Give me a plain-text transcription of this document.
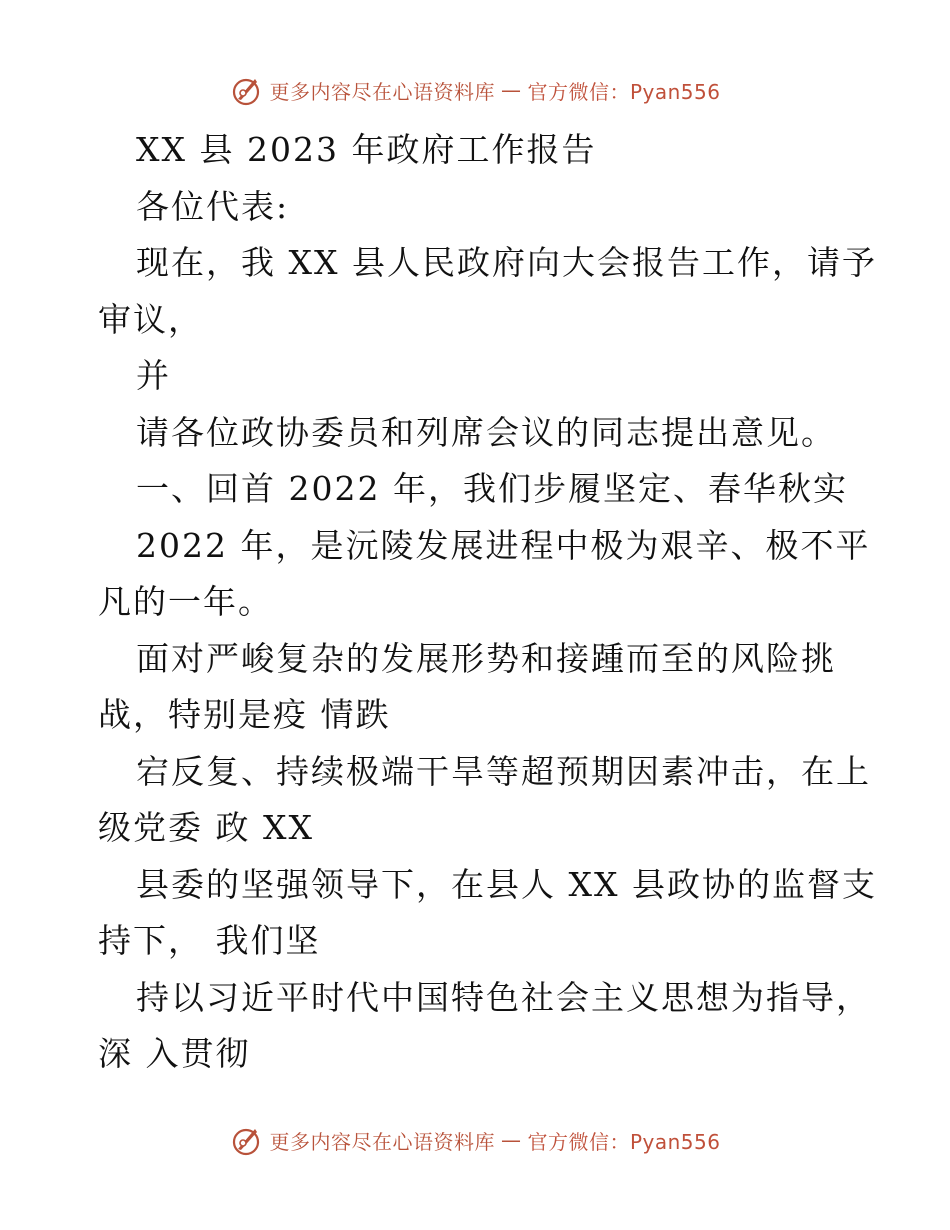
更多内容尽在心语资料库 — 官方微信：Pyan556
XX 县 2023 年政府工作报告
各位代表:
现在，我 XX 县人民政府向大会报告工作，请予
审议，
并
请各位政协委员和列席会议的同志提出意见。
一、回首 2022 年，我们步履坚定、春华秋实
2022 年，是沅陵发展进程中极为艰辛、极不平
凡的一年。
面对严峻复杂的发展形势和接踵而至的风险挑
战，特别是疫 情跌
宕反复、持续极端干旱等超预期因素冲击，在上
级党委 政 XX
县委的坚强领导下，在县人 XX 县政协的监督支
持下， 我们坚
持以习近平时代中国特色社会主义思想为指导，
深 入贯彻
更多内容尽在心语资料库 — 官方微信：Pyan556
